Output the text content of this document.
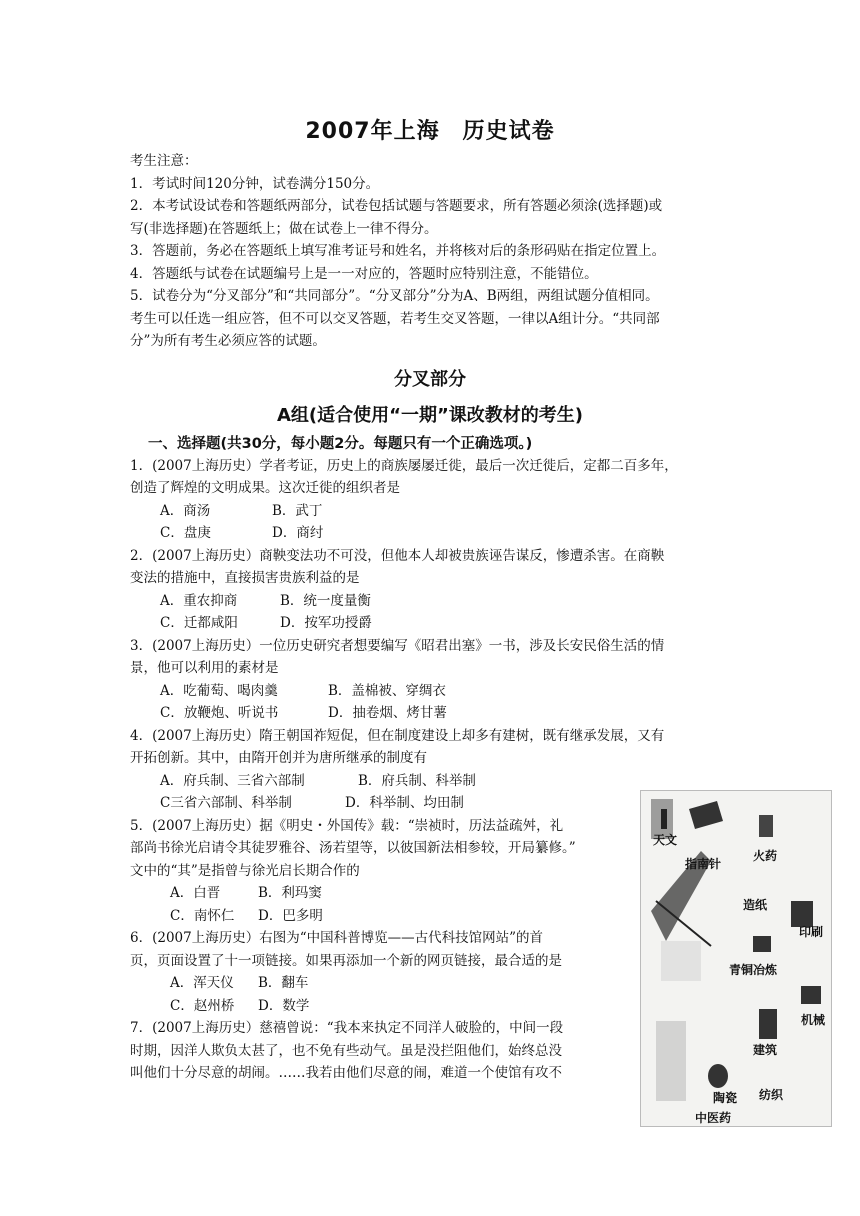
2007年上海　历史试卷
考生注意：
1．考试时间120分钟，试卷满分150分。
2．本考试设试卷和答题纸两部分，试卷包括试题与答题要求，所有答题必须涂(选择题)或
写(非选择题)在答题纸上；做在试卷上一律不得分。
3．答题前，务必在答题纸上填写准考证号和姓名，并将核对后的条形码贴在指定位置上。
4．答题纸与试卷在试题编号上是一一对应的，答题时应特别注意，不能错位。
5．试卷分为“分叉部分”和“共同部分”。“分叉部分”分为A、B两组，两组试题分值相同。
考生可以任选一组应答，但不可以交叉答题，若考生交叉答题，一律以A组计分。“共同部
分”为所有考生必须应答的试题。
分叉部分
A组(适合使用“一期”课改教材的考生)
一、选择题(共30分，每小题2分。每题只有一个正确选项。)
1．(2007上海历史）学者考证，历史上的商族屡屡迁徙，最后一次迁徙后，定都二百多年，
创造了辉煌的文明成果。这次迁徙的组织者是
A．商汤	B．武丁
C．盘庚	D．商纣
2．(2007上海历史）商鞅变法功不可没，但他本人却被贵族诬告谋反，惨遭杀害。在商鞅
变法的措施中，直接损害贵族利益的是
A．重农抑商	B．统一度量衡
C．迁都咸阳	D．按军功授爵
3．(2007上海历史）一位历史研究者想要编写《昭君出塞》一书，涉及长安民俗生活的情
景，他可以利用的素材是
A．吃葡萄、喝肉羹	B．盖棉被、穿绸衣
C．放鞭炮、听说书	D．抽卷烟、烤甘薯
4．(2007上海历史）隋王朝国祚短促，但在制度建设上却多有建树，既有继承发展，又有
开拓创新。其中，由隋开创并为唐所继承的制度有
A．府兵制、三省六部制	B．府兵制、科举制
C三省六部制、科举制	D．科举制、均田制
5．(2007上海历史）据《明史・外国传》载：“崇祯时，历法益疏舛，礼
部尚书徐光启请令其徒罗雅谷、汤若望等，以彼国新法相参较，开局纂修。”
文中的“其”是指曾与徐光启长期合作的
A．白晋	B．利玛窦
C．南怀仁 D．巴多明
6．(2007上海历史）右图为“中国科普博览——古代科技馆网站”的首
页，页面设置了十一项链接。如果再添加一个新的网页链接，最合适的是
A．浑天仪 B．翻车
C．赵州桥 D．数学
7．(2007上海历史）慈禧曾说：“我本来执定不同洋人破脸的，中间一段
时期，因洋人欺负太甚了，也不免有些动气。虽是没拦阻他们，始终总没
叫他们十分尽意的胡闹。……我若由他们尽意的闹，难道一个使馆有攻不
天文
指南针
火药
造纸
印刷
青铜冶炼
机械
建筑
陶瓷 纺织
中医药
